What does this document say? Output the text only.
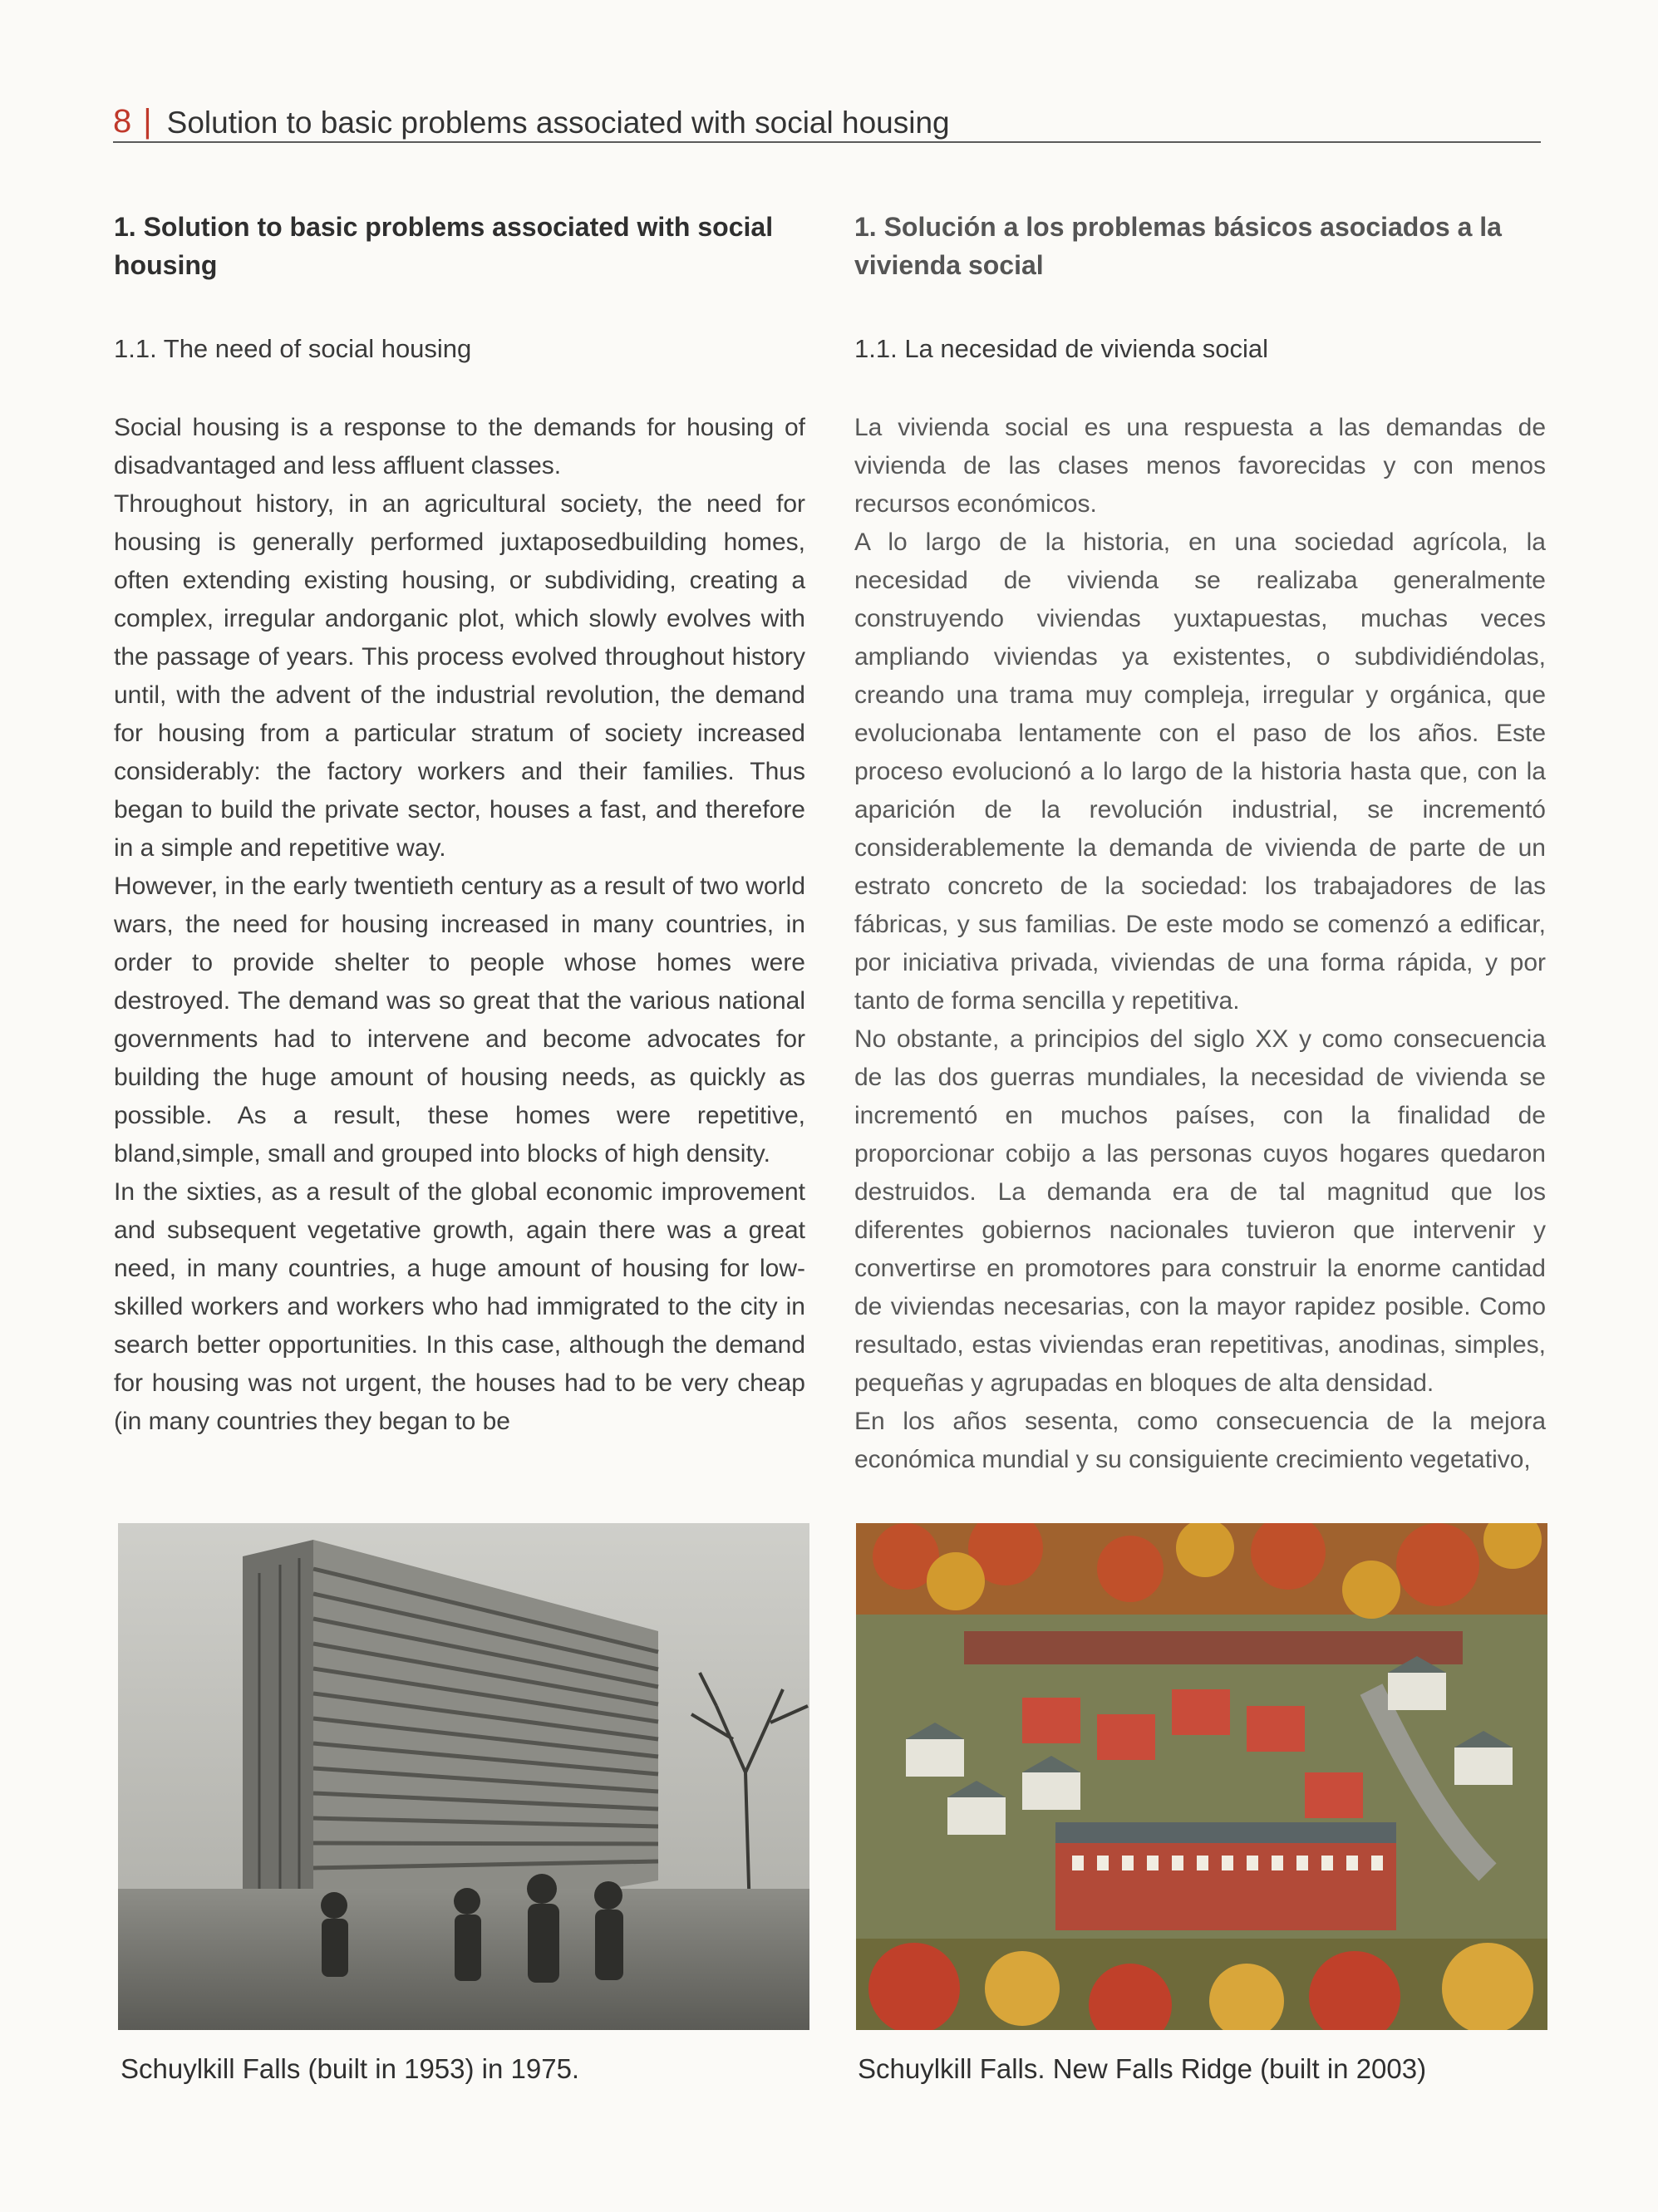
8 | Solution to basic problems associated with social housing
1. Solution to basic problems associated with social housing
1.1. The need of social housing

Social housing is a response to the demands for housing of disadvantaged and less affluent classes.

Throughout history, in an agricultural society, the need for housing is generally performed juxtaposedbuilding homes, often extending existing housing, or subdividing, creating a complex, irregular andorganic plot, which slowly evolves with the passage of years. This process evolved throughout history until, with the advent of the industrial revolution, the demand for housing from a particular stratum of society increased considerably: the factory workers and their families. Thus began to build the private sector, houses a fast, and therefore in a simple and repetitive way.

However, in the early twentieth century as a result of two world wars, the need for housing increased in many countries, in order to provide shelter to people whose homes were destroyed. The demand was so great that the various national governments had to intervene and become advocates for building the huge amount of housing needs, as quickly as possible. As a result, these homes were repetitive, bland,simple, small and grouped into blocks of high density.

In the sixties, as a result of the global economic improvement and subsequent vegetative growth, again there was a great need, in many countries, a huge amount of housing for low-skilled workers and workers who had immigrated to the city in search better opportunities. In this case, although the demand for housing was not urgent, the houses had to be very cheap (in many countries they began to be

1. Solución a los problemas básicos asociados a la vivienda social
1.1. La necesidad de vivienda social

La vivienda social es una respuesta a las demandas de vivienda de las clases menos favorecidas y con menos recursos económicos.

A lo largo de la historia, en una sociedad agrícola, la necesidad de vivienda se realizaba generalmente construyendo viviendas yuxtapuestas, muchas veces ampliando viviendas ya existentes, o subdividiéndolas, creando una trama muy compleja, irregular y orgánica, que evolucionaba lentamente con el paso de los años. Este proceso evolucionó a lo largo de la historia hasta que, con la aparición de la revolución industrial, se incrementó considerablemente la demanda de vivienda de parte de un estrato concreto de la sociedad: los trabajadores de las fábricas, y sus familias. De este modo se comenzó a edificar, por iniciativa privada, viviendas de una forma rápida, y por tanto de forma sencilla y repetitiva.

No obstante, a principios del siglo XX y como consecuencia de las dos guerras mundiales, la necesidad de vivienda se incrementó en muchos países, con la finalidad de proporcionar cobijo a las personas cuyos hogares quedaron destruidos. La demanda era de tal magnitud que los diferentes gobiernos nacionales tuvieron que intervenir y convertirse en promotores para construir la enorme cantidad de viviendas necesarias, con la mayor rapidez posible. Como resultado, estas viviendas eran repetitivas, anodinas, simples, pequeñas y agrupadas en bloques de alta densidad.

En los años sesenta, como consecuencia de la mejora económica mundial y su consiguiente crecimiento vegetativo,

Schuylkill Falls (built in 1953) in 1975.	Schuylkill Falls. New Falls Ridge (built in 2003)
